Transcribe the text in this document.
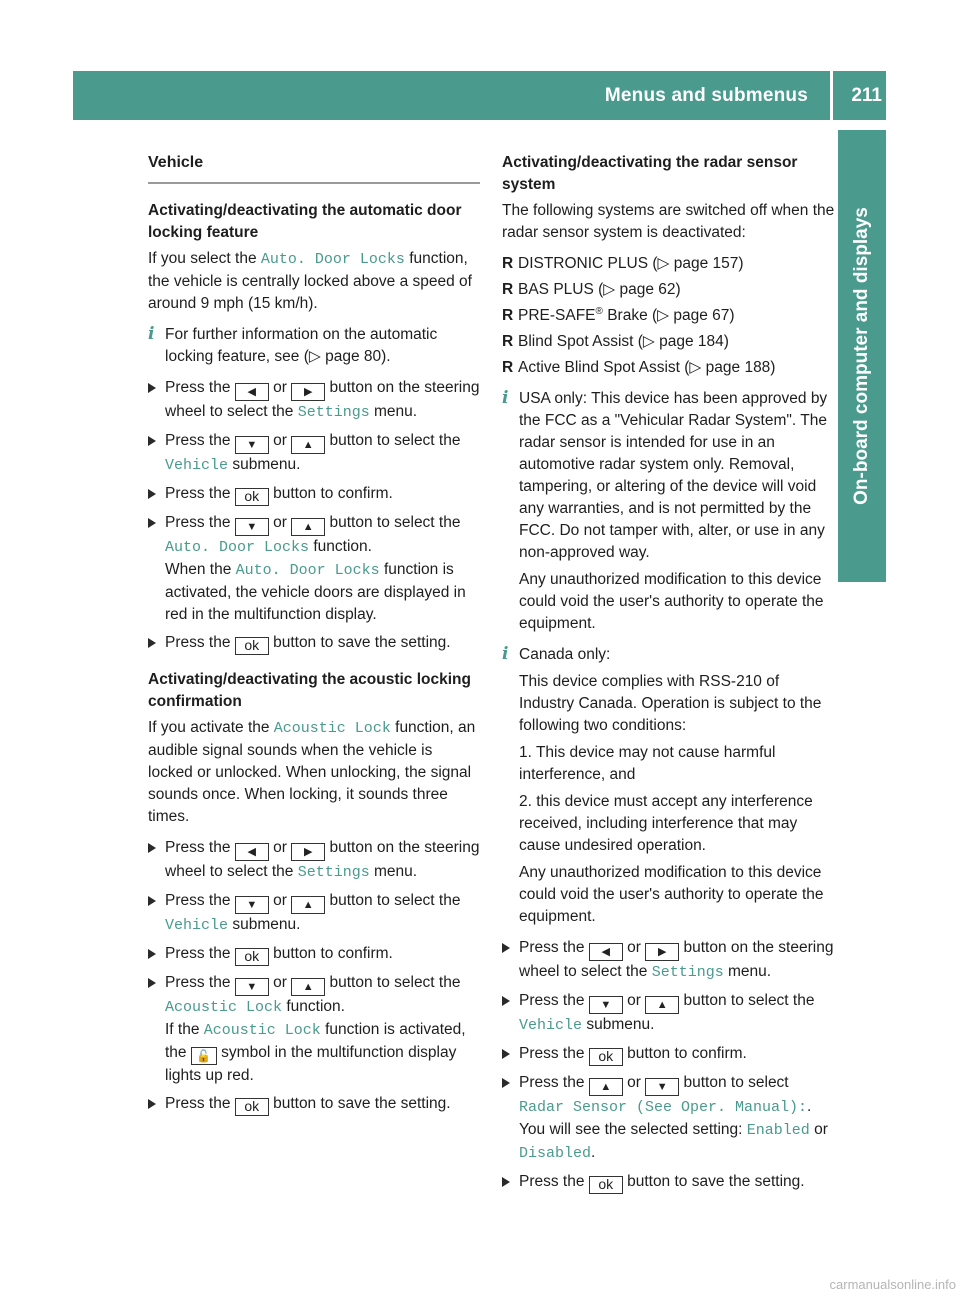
Menus and submenus 211
On-board computer and displays
Vehicle
Activating/deactivating the automatic door locking feature

If you select the Auto. Door Locks function, the vehicle is centrally locked above a speed of around 9 mph (15 km/h).

i For further information on the automatic locking feature, see (▷ page 80).

Press the ◀ or ▶ button on the steering wheel to select the Settings menu.
Press the ▼ or ▲ button to select the Vehicle submenu.
Press the ok button to confirm.
Press the ▼ or ▲ button to select the Auto. Door Locks function.
When the Auto. Door Locks function is activated, the vehicle doors are displayed in red in the multifunction display.
Press the ok button to save the setting.
Activating/deactivating the acoustic locking confirmation

If you activate the Acoustic Lock function, an audible signal sounds when the vehicle is locked or unlocked. When unlocking, the signal sounds once. When locking, it sounds three times.

Press the ◀ or ▶ button on the steering wheel to select the Settings menu.
Press the ▼ or ▲ button to select the Vehicle submenu.
Press the ok button to confirm.
Press the ▼ or ▲ button to select the Acoustic Lock function.
If the Acoustic Lock function is activated, the 🔓 symbol in the multifunction display lights up red.
Press the ok button to save the setting.
Activating/deactivating the radar sensor system

The following systems are switched off when the radar sensor system is deactivated:

R DISTRONIC PLUS (▷ page 157)
R BAS PLUS (▷ page 62)
R PRE-SAFE® Brake (▷ page 67)
R Blind Spot Assist (▷ page 184)
R Active Blind Spot Assist (▷ page 188)
i USA only: This device has been approved by the FCC as a "Vehicular Radar System". The radar sensor is intended for use in an automotive radar system only. Removal, tampering, or altering of the device will void any warranties, and is not permitted by the FCC. Do not tamper with, alter, or use in any non-approved way.

Any unauthorized modification to this device could void the user's authority to operate the equipment.

i Canada only:

This device complies with RSS-210 of Industry Canada. Operation is subject to the following two conditions:

1. This device may not cause harmful interference, and

2. this device must accept any interference received, including interference that may cause undesired operation.

Any unauthorized modification to this device could void the user's authority to operate the equipment.

Press the ◀ or ▶ button on the steering wheel to select the Settings menu.
Press the ▼ or ▲ button to select the Vehicle submenu.
Press the ok button to confirm.
Press the ▲ or ▼ button to select Radar Sensor (See Oper. Manual):.
You will see the selected setting: Enabled or Disabled.
Press the ok button to save the setting.
carmanualsonline.info
